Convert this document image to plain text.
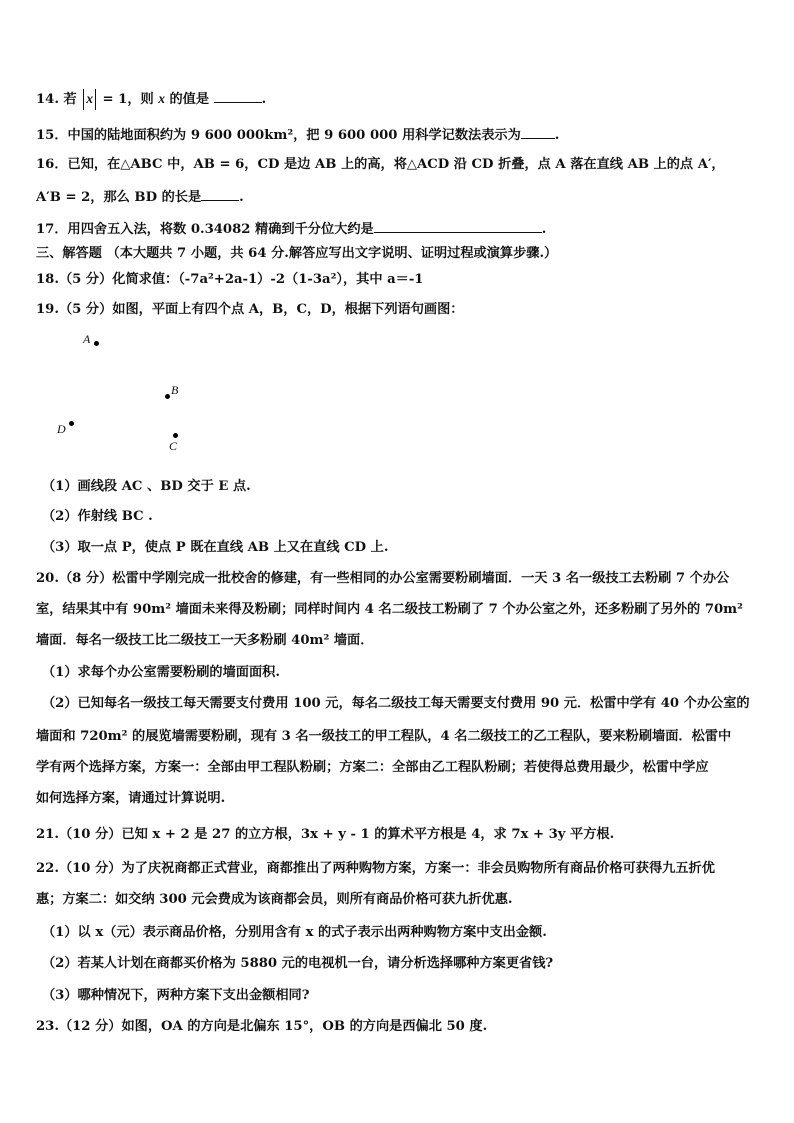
14. 若 x = 1，则 x 的值是	.
15．中国的陆地面积约为 9 600 000km²，把 9 600 000 用科学记数法表示为	.
16．已知，在△ABC 中，AB = 6，CD 是边 AB 上的高，将△ACD 沿 CD 折叠，点 A 落在直线 AB 上的点 A′，
A′B = 2，那么 BD 的长是	.
17．用四舍五入法，将数 0.34082 精确到千分位大约是	.
三、解答题 （本大题共 7 小题，共 64 分.解答应写出文字说明、证明过程或演算步骤.）
18.（5 分）化简求值：（-7a²+2a-1）-2（1-3a²），其中 a＝-1
19.（5 分）如图，平面上有四个点 A，B，C，D，根据下列语句画图：
A
B
D
C
（1）画线段 AC 、BD 交于 E 点.
（2）作射线 BC .
（3）取一点 P，使点 P 既在直线 AB 上又在直线 CD 上.
20.（8 分）松雷中学刚完成一批校舍的修建，有一些相同的办公室需要粉刷墙面．一天 3 名一级技工去粉刷 7 个办公
室，结果其中有 90m² 墙面未来得及粉刷；同样时间内 4 名二级技工粉刷了 7 个办公室之外，还多粉刷了另外的 70m²
墙面．每名一级技工比二级技工一天多粉刷 40m² 墙面．
（1）求每个办公室需要粉刷的墙面面积.
（2）已知每名一级技工每天需要支付费用 100 元，每名二级技工每天需要支付费用 90 元．松雷中学有 40 个办公室的
墙面和 720m² 的展览墙需要粉刷，现有 3 名一级技工的甲工程队，4 名二级技工的乙工程队，要来粉刷墙面．松雷中
学有两个选择方案，方案一：全部由甲工程队粉刷；方案二：全部由乙工程队粉刷；若使得总费用最少，松雷中学应
如何选择方案，请通过计算说明.
21.（10 分）已知 x + 2 是 27 的立方根，3x + y - 1 的算术平方根是 4，求 7x + 3y 平方根.
22.（10 分）为了庆祝商都正式营业，商都推出了两种购物方案，方案一：非会员购物所有商品价格可获得九五折优
惠；方案二：如交纳 300 元会费成为该商都会员，则所有商品价格可获九折优惠.
（1）以 x（元）表示商品价格，分别用含有 x 的式子表示出两种购物方案中支出金额.
（2）若某人计划在商都买价格为 5880 元的电视机一台，请分析选择哪种方案更省钱?
（3）哪种情况下，两种方案下支出金额相同?
23.（12 分）如图，OA 的方向是北偏东 15°，OB 的方向是西偏北 50 度.
